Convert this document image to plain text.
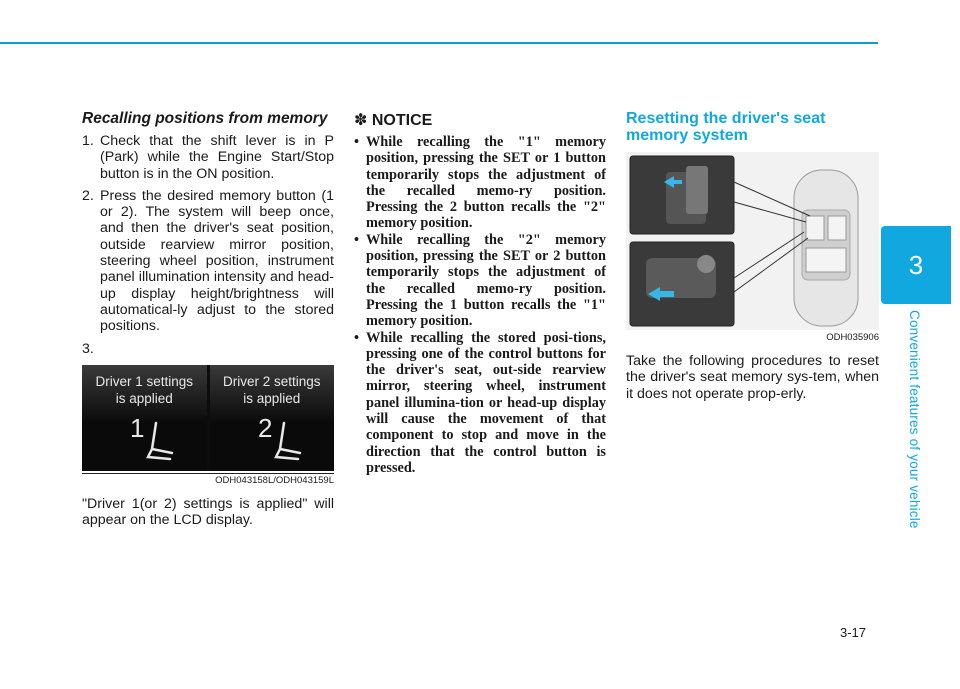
3
Convenient features of your vehicle

Recalling positions from memory

1. Check that the shift lever is in P (Park) while the Engine Start/Stop button is in the ON position.
2. Press the desired memory button (1 or 2). The system will beep once, and then the driver's seat position, outside rearview mirror position, steering wheel position, instrument panel illumination intensity and head-up display height/brightness will automatical-ly adjust to the stored positions.
3.
Driver 1 settings
is applied
1
Driver 2 settings
is applied
2
ODH043158L/ODH043159L

"Driver 1(or 2) settings is applied" will appear on the LCD display.

✽ NOTICE

• While recalling the "1" memory position, pressing the SET or 1 button temporarily stops the adjustment of the recalled memo-ry position. Pressing the 2 button recalls the "2" memory position.
• While recalling the "2" memory position, pressing the SET or 2 button temporarily stops the adjustment of the recalled memo-ry position. Pressing the 1 button recalls the "1" memory position.
• While recalling the stored posi-tions, pressing one of the control buttons for the driver's seat, out-side rearview mirror, steering wheel, instrument panel illumina-tion or head-up display will cause the movement of that component to stop and move in the direction that the control button is pressed.

Resetting the driver's seat memory system

ODH035906

Take the following procedures to reset the driver's seat memory sys-tem, when it does not operate prop-erly.

3-17
